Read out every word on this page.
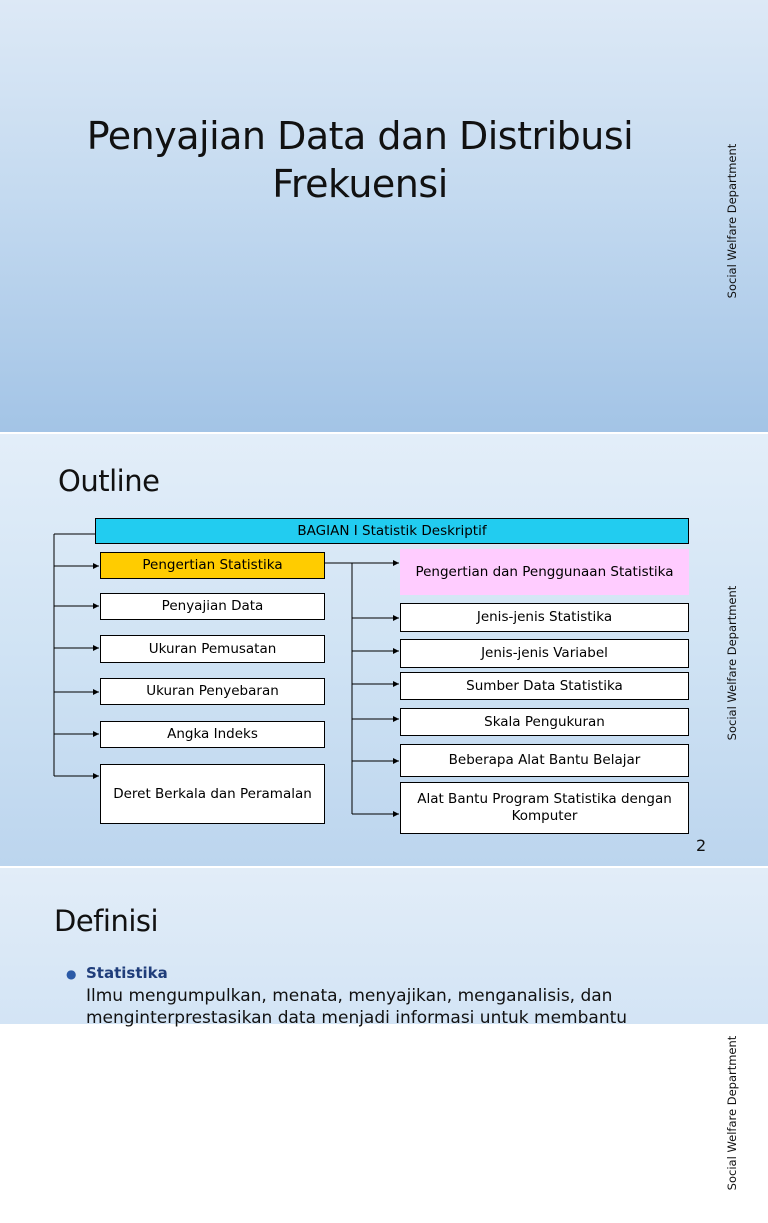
Penyajian Data dan Distribusi
Frekuensi	Social Welfare Department
Outline
BAGIAN I Statistik Deskriptif
Pengertian Statistika
Penyajian Data
Ukuran Pemusatan
Ukuran Penyebaran
Angka Indeks
Deret Berkala dan Peramalan
Pengertian dan Penggunaan Statistika
Jenis-jenis Statistika
Jenis-jenis Variabel
Sumber Data Statistika
Skala Pengukuran
Beberapa Alat Bantu Belajar
Alat Bantu Program Statistika dengan Komputer
2
Social Welfare Department
Definisi
● Statistika
Ilmu mengumpulkan, menata, menyajikan, menganalisis, dan
menginterprestasikan data menjadi informasi untuk membantu
Social Welfare Department
